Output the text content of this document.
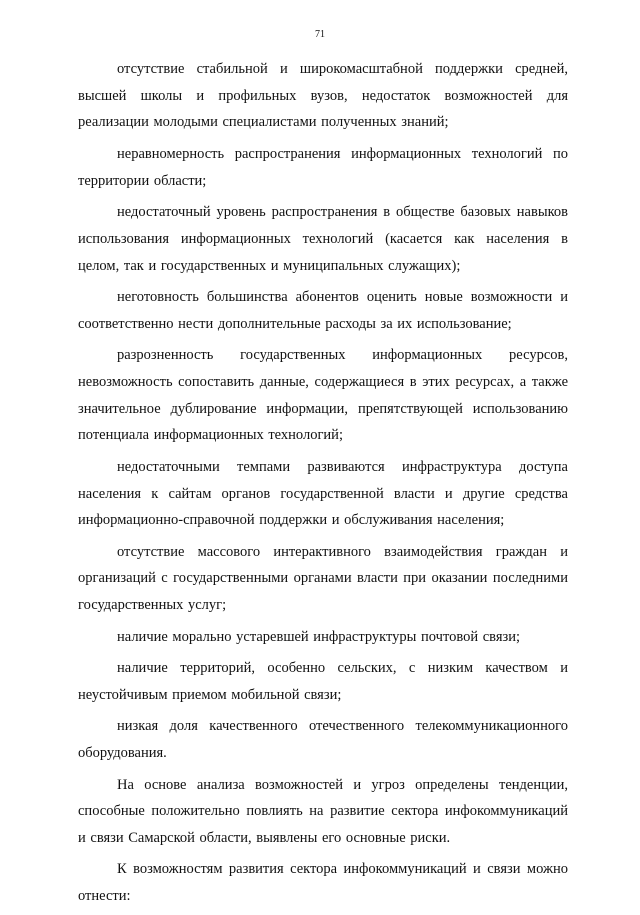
71

отсутствие стабильной и широкомасштабной поддержки средней, высшей школы и профильных вузов, недостаток возможностей для реализации молодыми специалистами полученных знаний;

неравномерность распространения информационных технологий по территории области;

недостаточный уровень распространения в обществе базовых навыков использования информационных технологий (касается как населения в целом, так и государственных и муниципальных служащих);

неготовность большинства абонентов оценить новые возможности и соответственно нести дополнительные расходы за их использование;

разрозненность государственных информационных ресурсов, невозможность сопоставить данные, содержащиеся в этих ресурсах, а также значительное дублирование информации, препятствующей использованию потенциала информационных технологий;

недостаточными темпами развиваются инфраструктура доступа населения к сайтам органов государственной власти и другие средства информационно-справочной поддержки и обслуживания населения;

отсутствие массового интерактивного взаимодействия граждан и организаций с государственными органами власти при оказании последними государственных услуг;

наличие морально устаревшей инфраструктуры почтовой связи;

наличие территорий, особенно сельских, с низким качеством и неустойчивым приемом мобильной связи;

низкая доля качественного отечественного телекоммуникационного оборудования.

На основе анализа возможностей и угроз определены тенденции, способные положительно повлиять на развитие сектора инфокоммуникаций и связи Самарской области, выявлены его основные риски.

К возможностям развития сектора инфокоммуникаций и связи можно отнести:
